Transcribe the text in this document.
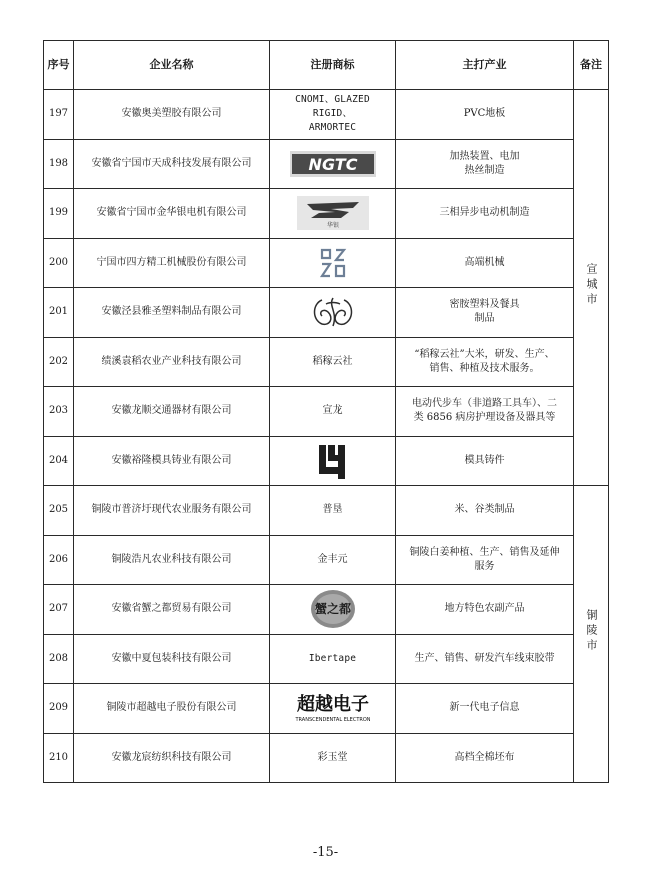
序号	企业名称	注册商标	主打产业	备注
197	安徽奥美塑胶有限公司	CNOMI、GLAZED RIGID、
ARMORTEC	PVC地板	宣城市
198	安徽省宁国市天成科技发展有限公司	NGTC	加热装置、电加
热丝制造	

199	安徽省宁国市金华银电机有限公司	华银	三相异步电动机制造	

200	宁国市四方精工机械股份有限公司		高端机械	

201	安徽泾县雅圣塑料制品有限公司		密胺塑料及餐具
制品	

202	绩溪袁稻农业产业科技有限公司	稻稼云社	“稻稼云社”大米，研发、生产、
销售、种植及技术服务。	

203	安徽龙顺交通器材有限公司	宣龙	电动代步车（非道路工具车）、二
类 6856 病房护理设备及器具等	

204	安徽裕隆模具铸业有限公司		模具铸件	

205	铜陵市普济圩现代农业服务有限公司	普垦	米、谷类制品	铜陵市
206	铜陵浩凡农业科技有限公司	金丰元	铜陵白姜种植、生产、销售及延伸
服务	

207	安徽省蟹之都贸易有限公司	蟹之都	地方特色农副产品	

208	安徽中夏包装科技有限公司	Ibertape	生产、销售、研发汽车线束胶带	

209	铜陵市超越电子股份有限公司	超越电子
TRANSCENDENTAL ELECTRON	新一代电子信息	

210	安徽龙宸纺织科技有限公司	彩玉堂	高档全棉坯布	
-15-
